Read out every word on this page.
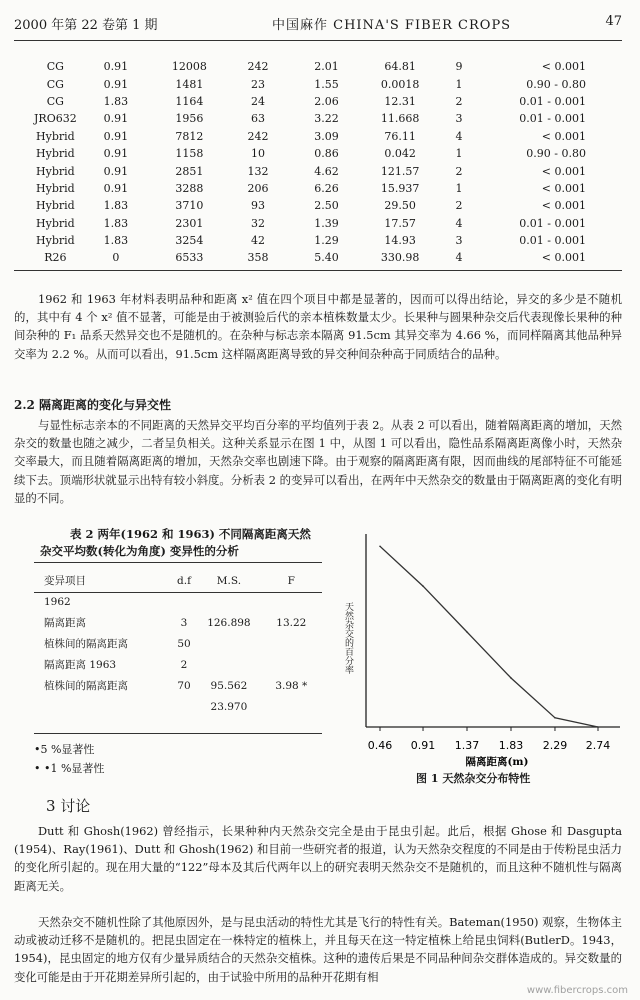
2000 年第 22 卷第 1 期	中国麻作 CHINA'S FIBER CROPS	47
CG	0.91	12008	242	2.01	64.81	9	< 0.001
CG	0.91	1481	23	1.55	0.0018	1	0.90 - 0.80
CG	1.83	1164	24	2.06	12.31	2	0.01 - 0.001
JRO632	0.91	1956	63	3.22	11.668	3	0.01 - 0.001
Hybrid	0.91	7812	242	3.09	76.11	4	< 0.001
Hybrid	0.91	1158	10	0.86	0.042	1	0.90 - 0.80
Hybrid	0.91	2851	132	4.62	121.57	2	< 0.001
Hybrid	0.91	3288	206	6.26	15.937	1	< 0.001
Hybrid	1.83	3710	93	2.50	29.50	2	< 0.001
Hybrid	1.83	2301	32	1.39	17.57	4	0.01 - 0.001
Hybrid	1.83	3254	42	1.29	14.93	3	0.01 - 0.001
R26	0	6533	358	5.40	330.98	4	< 0.001
1962 和 1963 年材料表明品种和距离 x² 值在四个项目中都是显著的，因而可以得出结论，异交的多少是不随机的，其中有 4 个 x² 值不显著，可能是由于被测验后代的亲本植株数量太少。长果种与圆果种杂交后代表现像长果种的种间杂种的 F₁ 品系天然异交也不是随机的。在杂种与标志亲本隔离 91.5cm 其异交率为 4.66 %，而同样隔离其他品种异交率为 2.2 %。从而可以看出，91.5cm 这样隔离距离导致的异交种间杂种高于同质结合的品种。
2.2 隔离距离的变化与异交性
与显性标志亲本的不同距离的天然异交平均百分率的平均值列于表 2。从表 2 可以看出，随着隔离距离的增加，天然杂交的数量也随之减少，二者呈负相关。这种关系显示在图 1 中，从图 1 可以看出，隐性品系隔离距离像小时，天然杂交率最大，而且随着隔离距离的增加，天然杂交率也剧速下降。由于观察的隔离距离有限，因而曲线的尾部特征不可能延续下去。顶端形状就显示出特有较小斜度。分析表 2 的变异可以看出，在两年中天然杂交的数量由于隔离距离的变化有明显的不同。
表 2 两年(1962 和 1963) 不同隔离距离天然
杂交平均数(转化为角度) 变异性的分析
变异项目	d.f	M.S.	F
1962			
隔离距离	3	126.898	13.22
植株间的隔离距离	50		
隔离距离 1963	2		
植株间的隔离距离	70	95.562	3.98 *
		23.970	
•5 %显著性
• •1 %显著性
0.46 0.91 1.37 1.83 2.29 2.74
隔离距离(m)
天然杂交的百分率
图 1 天然杂交分布特性
3 讨论
Dutt 和 Ghosh(1962) 曾经指示，长果种种内天然杂交完全是由于昆虫引起。此后，根据 Ghose 和 Dasgupta (1954)、Ray(1961)、Dutt 和 Ghosh(1962) 和目前一些研究者的报道，认为天然杂交程度的不同是由于传粉昆虫活力的变化所引起的。现在用大量的“122”母本及其后代两年以上的研究表明天然杂交不是随机的，而且这种不随机性与隔离距离无关。
天然杂交不随机性除了其他原因外，是与昆虫活动的特性尤其是飞行的特性有关。Bateman(1950) 观察，生物体主动或被动迁移不是随机的。把昆虫固定在一株特定的植株上，并且每天在这一特定植株上给昆虫饲料(ButlerD。1943，1954)，昆虫固定的地方仅有少量异质结合的天然杂交植株。这种的遗传后果是不同品种间杂交群体造成的。异交数量的变化可能是由于开花期差异所引起的，由于试验中所用的品种开花期有相
www.fibercrops.com
